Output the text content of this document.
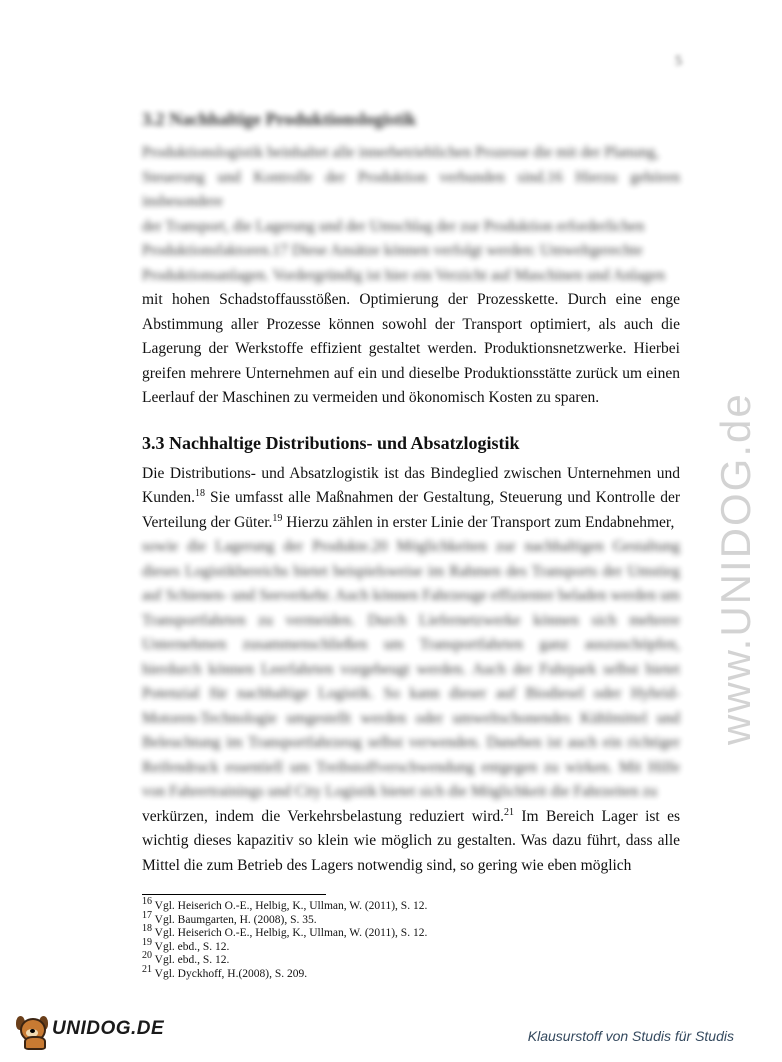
5
3.2 Nachhaltige Produktionslogistik

Produktionslogistik beinhaltet alle innerbetrieblichen Prozesse die mit der Planung,

Steuerung und Kontrolle der Produktion verbunden sind.16 Hierzu gehören insbesondere

der Transport, die Lagerung und der Umschlag der zur Produktion erforderlichen

Produktionsfaktoren.17 Diese Ansätze können verfolgt werden: Umweltgerechte

Produktionsanlagen. Vordergründig ist hier ein Verzicht auf Maschinen und Anlagen

mit hohen Schadstoffausstößen. Optimierung der Prozesskette. Durch eine enge Abstimmung aller Prozesse können sowohl der Transport optimiert, als auch die Lagerung der Werkstoffe effizient gestaltet werden. Produktionsnetzwerke. Hierbei greifen mehrere Unternehmen auf ein und dieselbe Produktionsstätte zurück um einen Leerlauf der Maschinen zu vermeiden und ökonomisch Kosten zu sparen.

3.3 Nachhaltige Distributions- und Absatzlogistik

Die Distributions- und Absatzlogistik ist das Bindeglied zwischen Unternehmen und Kunden.$^{18}$ Sie umfasst alle Maßnahmen der Gestaltung, Steuerung und Kontrolle der Verteilung der Güter.$^{19}$ Hierzu zählen in erster Linie der Transport zum Endabnehmer,

sowie die Lagerung der Produkte.20 Möglichkeiten zur nachhaltigen Gestaltung dieses Logistikbereichs bietet beispielsweise im Rahmen des Transports der Umstieg auf Schienen- und Seeverkehr. Auch können Fahrzeuge effizienter beladen werden um Transportfahrten zu vermeiden. Durch Liefernetzwerke können sich mehrere Unternehmen zusammenschließen um Transportfahrten ganz auszuschöpfen, hierdurch können Leerfahrten vorgebeugt werden. Auch der Fuhrpark selbst bietet Potenzial für nachhaltige Logistik. So kann dieser auf Biodiesel oder Hybrid-Motoren-Technologie umgestellt werden oder umweltschonendes Kühlmittel und Beleuchtung im Transportfahrzeug selbst verwenden. Daneben ist auch ein richtiger Reifendruck essentiell um Treibstoffverschwendung entgegen zu wirken. Mit Hilfe von Fahrertrainings und City Logistik bietet sich die Möglichkeit die Fahrzeiten zu

verkürzen, indem die Verkehrsbelastung reduziert wird.$^{21}$ Im Bereich Lager ist es wichtig dieses kapazitiv so klein wie möglich zu gestalten. Was dazu führt, dass alle Mittel die zum Betrieb des Lagers notwendig sind, so gering wie eben möglich

$^{16}$ Vgl. Heiserich O.-E., Helbig, K., Ullman, W. (2011), S. 12.

$^{17}$ Vgl. Baumgarten, H. (2008), S. 35.

$^{18}$ Vgl. Heiserich O.-E., Helbig, K., Ullman, W. (2011), S. 12.

$^{19}$ Vgl. ebd., S. 12.

$^{20}$ Vgl. ebd., S. 12.

$^{21}$ Vgl. Dyckhoff, H.(2008), S. 209.

www.UNIDOG.de
UNIDOG.DE	Klausurstoff von Studis für Studis
